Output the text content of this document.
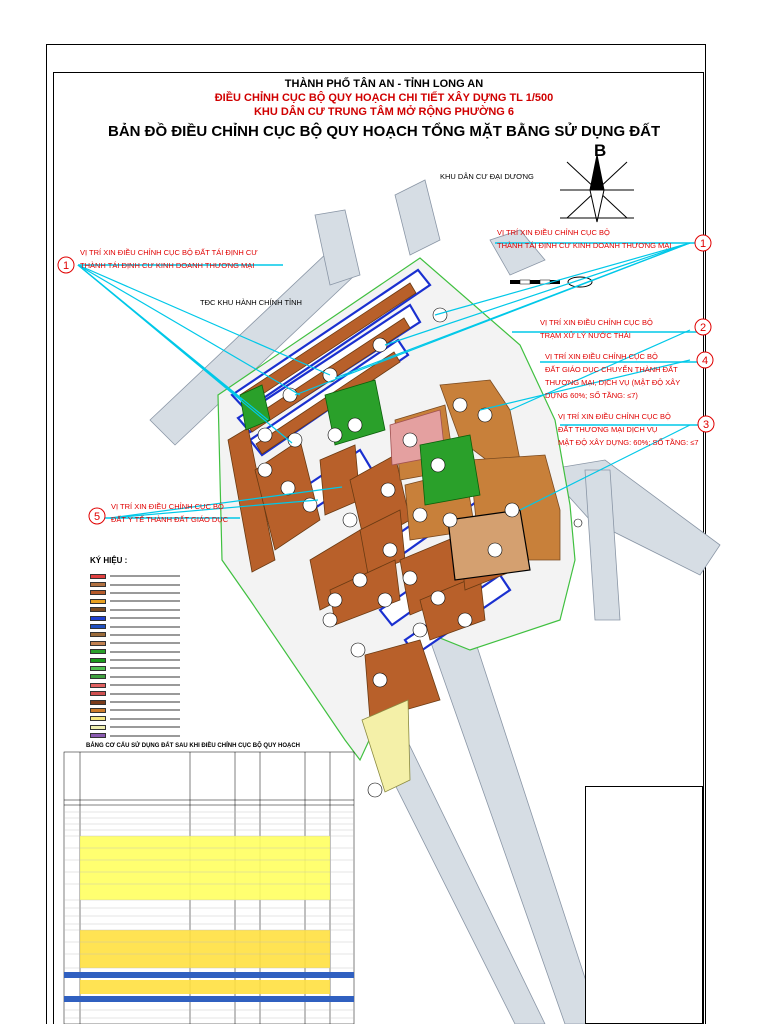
THÀNH PHỐ TÂN AN - TỈNH LONG AN
ĐIỀU CHỈNH CỤC BỘ QUY HOẠCH CHI TIẾT XÂY DỰNG TL 1/500
KHU DÂN CƯ TRUNG TÂM MỞ RỘNG PHƯỜNG 6
BẢN ĐỒ ĐIỀU CHỈNH CỤC BỘ QUY HOẠCH TỔNG MẶT BẰNG SỬ DỤNG ĐẤT
B
1
1
2
4
3
5
KHU DÂN CƯ ĐẠI DƯƠNG
TĐC KHU HÀNH CHÍNH TỈNH
VỊ TRÍ XIN ĐIỀU CHỈNH CỤC BỘ ĐẤT TÁI ĐỊNH CƯ
THÀNH TÁI ĐỊNH CƯ KINH DOANH THƯƠNG MẠI
VỊ TRÍ XIN ĐIỀU CHỈNH CỤC BỘ
THÀNH TÁI ĐỊNH CƯ KINH DOANH THƯƠNG MẠI
VỊ TRÍ XIN ĐIỀU CHỈNH CỤC BỘ
TRẠM XỬ LÝ NƯỚC THẢI
VỊ TRÍ XIN ĐIỀU CHỈNH CỤC BỘ
ĐẤT GIÁO DỤC CHUYỂN THÀNH ĐẤT
THƯƠNG MẠI, DỊCH VỤ (MẬT ĐỘ XÂY
DỰNG 60%; SỐ TẦNG: ≤7)
VỊ TRÍ XIN ĐIỀU CHỈNH CỤC BỘ
ĐẤT THƯƠNG MẠI DỊCH VỤ
MẬT ĐỘ XÂY DỰNG: 60%; SỐ TẦNG: ≤7
VỊ TRÍ XIN ĐIỀU CHỈNH CỤC BỘ
ĐẤT Y TẾ THÀNH ĐẤT GIÁO DỤC
KÝ HIỆU :
BẢNG CƠ CẤU SỬ DỤNG ĐẤT SAU KHI ĐIỀU CHỈNH CỤC BỘ QUY HOẠCH
